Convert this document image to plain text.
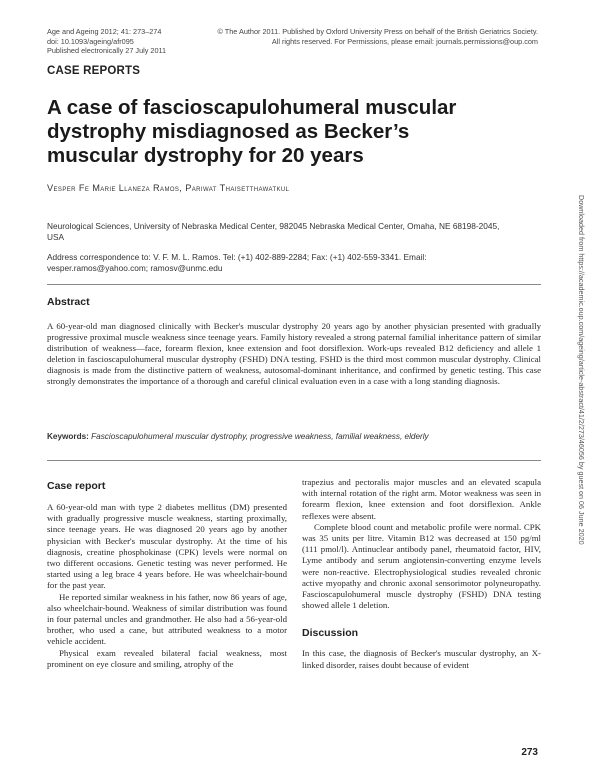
Age and Ageing 2012; 41: 273–274
doi: 10.1093/ageing/afr095
Published electronically 27 July 2011
© The Author 2011. Published by Oxford University Press on behalf of the British Geriatrics Society.
All rights reserved. For Permissions, please email: journals.permissions@oup.com
CASE REPORTS
A case of fascioscapulohumeral muscular dystrophy misdiagnosed as Becker’s muscular dystrophy for 20 years
Vesper Fe Marie Llaneza Ramos, Pariwat Thaisetthawatkul
Neurological Sciences, University of Nebraska Medical Center, 982045 Nebraska Medical Center, Omaha, NE 68198-2045, USA
Address correspondence to: V. F. M. L. Ramos. Tel: (+1) 402-889-2284; Fax: (+1) 402-559-3341. Email: vesper.ramos@yahoo.com; ramosv@unmc.edu
Abstract
A 60-year-old man diagnosed clinically with Becker's muscular dystrophy 20 years ago by another physician presented with gradually progressive proximal muscle weakness since teenage years. Family history revealed a strong paternal familial inheritance pattern of similar distribution of weakness—face, forearm flexion, knee extension and foot dorsiflexion. Work-ups revealed B12 deficiency and allele 1 deletion in fascioscapulohumeral muscular dystrophy (FSHD) DNA testing. FSHD is the third most common muscular dystrophy. Clinical diagnosis is made from the distinctive pattern of weakness, autosomal-dominant inheritance, and confirmed by genetic testing. This case strongly demonstrates the importance of a thorough and careful clinical evaluation even in a case with a long standing diagnosis.
Keywords: Fascioscapulohumeral muscular dystrophy, progressive weakness, familial weakness, elderly
Case report

A 60-year-old man with type 2 diabetes mellitus (DM) presented with gradually progressive muscle weakness, starting proximally, since teenage years. He was diagnosed 20 years ago by another physician with Becker's muscular dystrophy. At the time of his diagnosis, creatine phosphokinase (CPK) levels were normal on two different occasions. Genetic testing was never performed. He started using a leg brace 4 years before. He was wheelchair-bound for the past year.

He reported similar weakness in his father, now 86 years of age, also wheelchair-bound. Weakness of similar distribution was found in four paternal uncles and grandmother. He also had a 56-year-old brother, who used a cane, but attributed weakness to a motor vehicle accident.

Physical exam revealed bilateral facial weakness, most prominent on eye closure and smiling, atrophy of the

trapezius and pectoralis major muscles and an elevated scapula with internal rotation of the right arm. Motor weakness was seen in forearm flexion, knee extension and foot dorsiflexion. Ankle reflexes were absent.

Complete blood count and metabolic profile were normal. CPK was 35 units per litre. Vitamin B12 was decreased at 150 pg/ml (111 pmol/l). Antinuclear antibody panel, rheumatoid factor, HIV, Lyme antibody and serum angiotensin-converting enzyme levels were non-reactive. Electrophysiological studies revealed chronic active myopathy and chronic axonal sensorimotor polyneuropathy. Fascioscapulohumeral muscle dystrophy (FSHD) DNA testing showed allele 1 deletion.

Discussion

In this case, the diagnosis of Becker's muscular dystrophy, an X-linked disorder, raises doubt because of evident

Downloaded from https://academic.oup.com/ageing/article-abstract/41/2/273/46056 by guest on 06 June 2020
273
